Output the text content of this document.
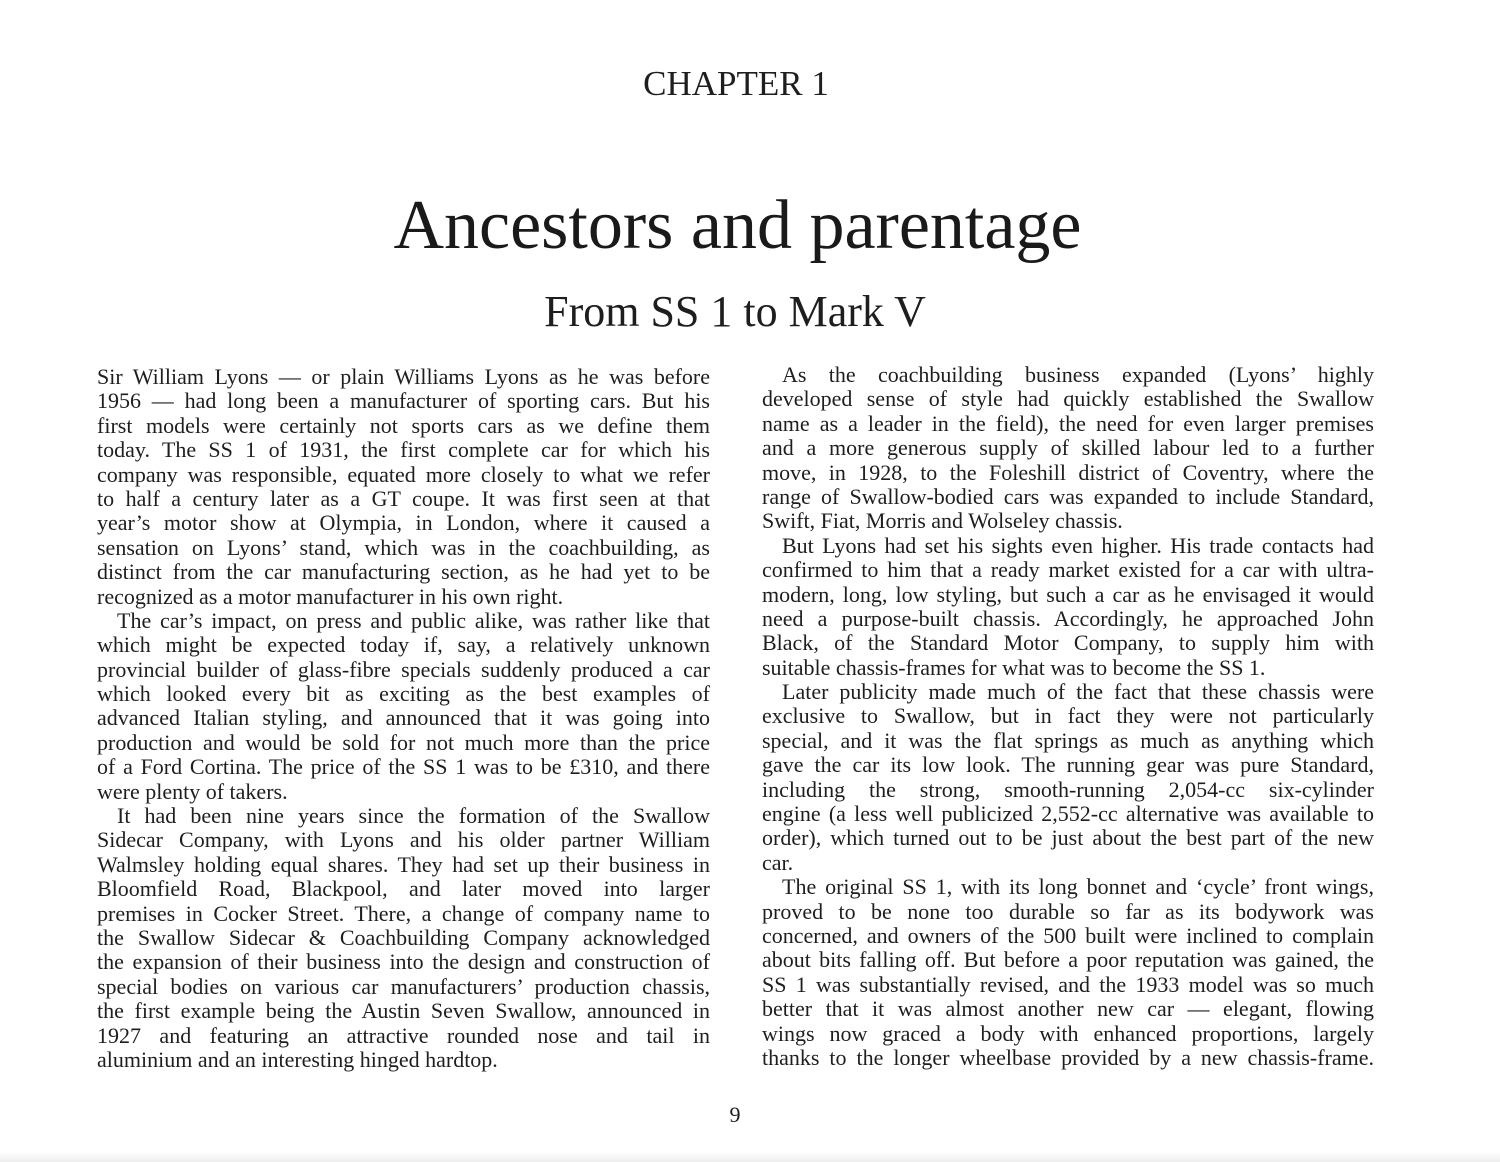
CHAPTER 1
Ancestors and parentage
From SS 1 to Mark V
Sir William Lyons — or plain Williams Lyons as he was before
1956 — had long been a manufacturer of sporting cars. But his
first models were certainly not sports cars as we define them
today. The SS 1 of 1931, the first complete car for which his
company was responsible, equated more closely to what we refer
to half a century later as a GT coupe. It was first seen at that
year’s motor show at Olympia, in London, where it caused a
sensation on Lyons’ stand, which was in the coachbuilding, as
distinct from the car manufacturing section, as he had yet to be
recognized as a motor manufacturer in his own right.
The car’s impact, on press and public alike, was rather like that
which might be expected today if, say, a relatively unknown
provincial builder of glass-fibre specials suddenly produced a car
which looked every bit as exciting as the best examples of
advanced Italian styling, and announced that it was going into
production and would be sold for not much more than the price
of a Ford Cortina. The price of the SS 1 was to be £310, and there
were plenty of takers.
It had been nine years since the formation of the Swallow
Sidecar Company, with Lyons and his older partner William
Walmsley holding equal shares. They had set up their business in
Bloomfield Road, Blackpool, and later moved into larger
premises in Cocker Street. There, a change of company name to
the Swallow Sidecar & Coachbuilding Company acknowledged
the expansion of their business into the design and construction of
special bodies on various car manufacturers’ production chassis,
the first example being the Austin Seven Swallow, announced in
1927 and featuring an attractive rounded nose and tail in
aluminium and an interesting hinged hardtop.
As the coachbuilding business expanded (Lyons’ highly
developed sense of style had quickly established the Swallow
name as a leader in the field), the need for even larger premises
and a more generous supply of skilled labour led to a further
move, in 1928, to the Foleshill district of Coventry, where the
range of Swallow-bodied cars was expanded to include Standard,
Swift, Fiat, Morris and Wolseley chassis.
But Lyons had set his sights even higher. His trade contacts had
confirmed to him that a ready market existed for a car with ultra-
modern, long, low styling, but such a car as he envisaged it would
need a purpose-built chassis. Accordingly, he approached John
Black, of the Standard Motor Company, to supply him with
suitable chassis-frames for what was to become the SS 1.
Later publicity made much of the fact that these chassis were
exclusive to Swallow, but in fact they were not particularly
special, and it was the flat springs as much as anything which
gave the car its low look. The running gear was pure Standard,
including the strong, smooth-running 2,054-cc six-cylinder
engine (a less well publicized 2,552-cc alternative was available to
order), which turned out to be just about the best part of the new
car.
The original SS 1, with its long bonnet and ‘cycle’ front wings,
proved to be none too durable so far as its bodywork was
concerned, and owners of the 500 built were inclined to complain
about bits falling off. But before a poor reputation was gained, the
SS 1 was substantially revised, and the 1933 model was so much
better that it was almost another new car — elegant, flowing
wings now graced a body with enhanced proportions, largely
thanks to the longer wheelbase provided by a new chassis-frame.
9
